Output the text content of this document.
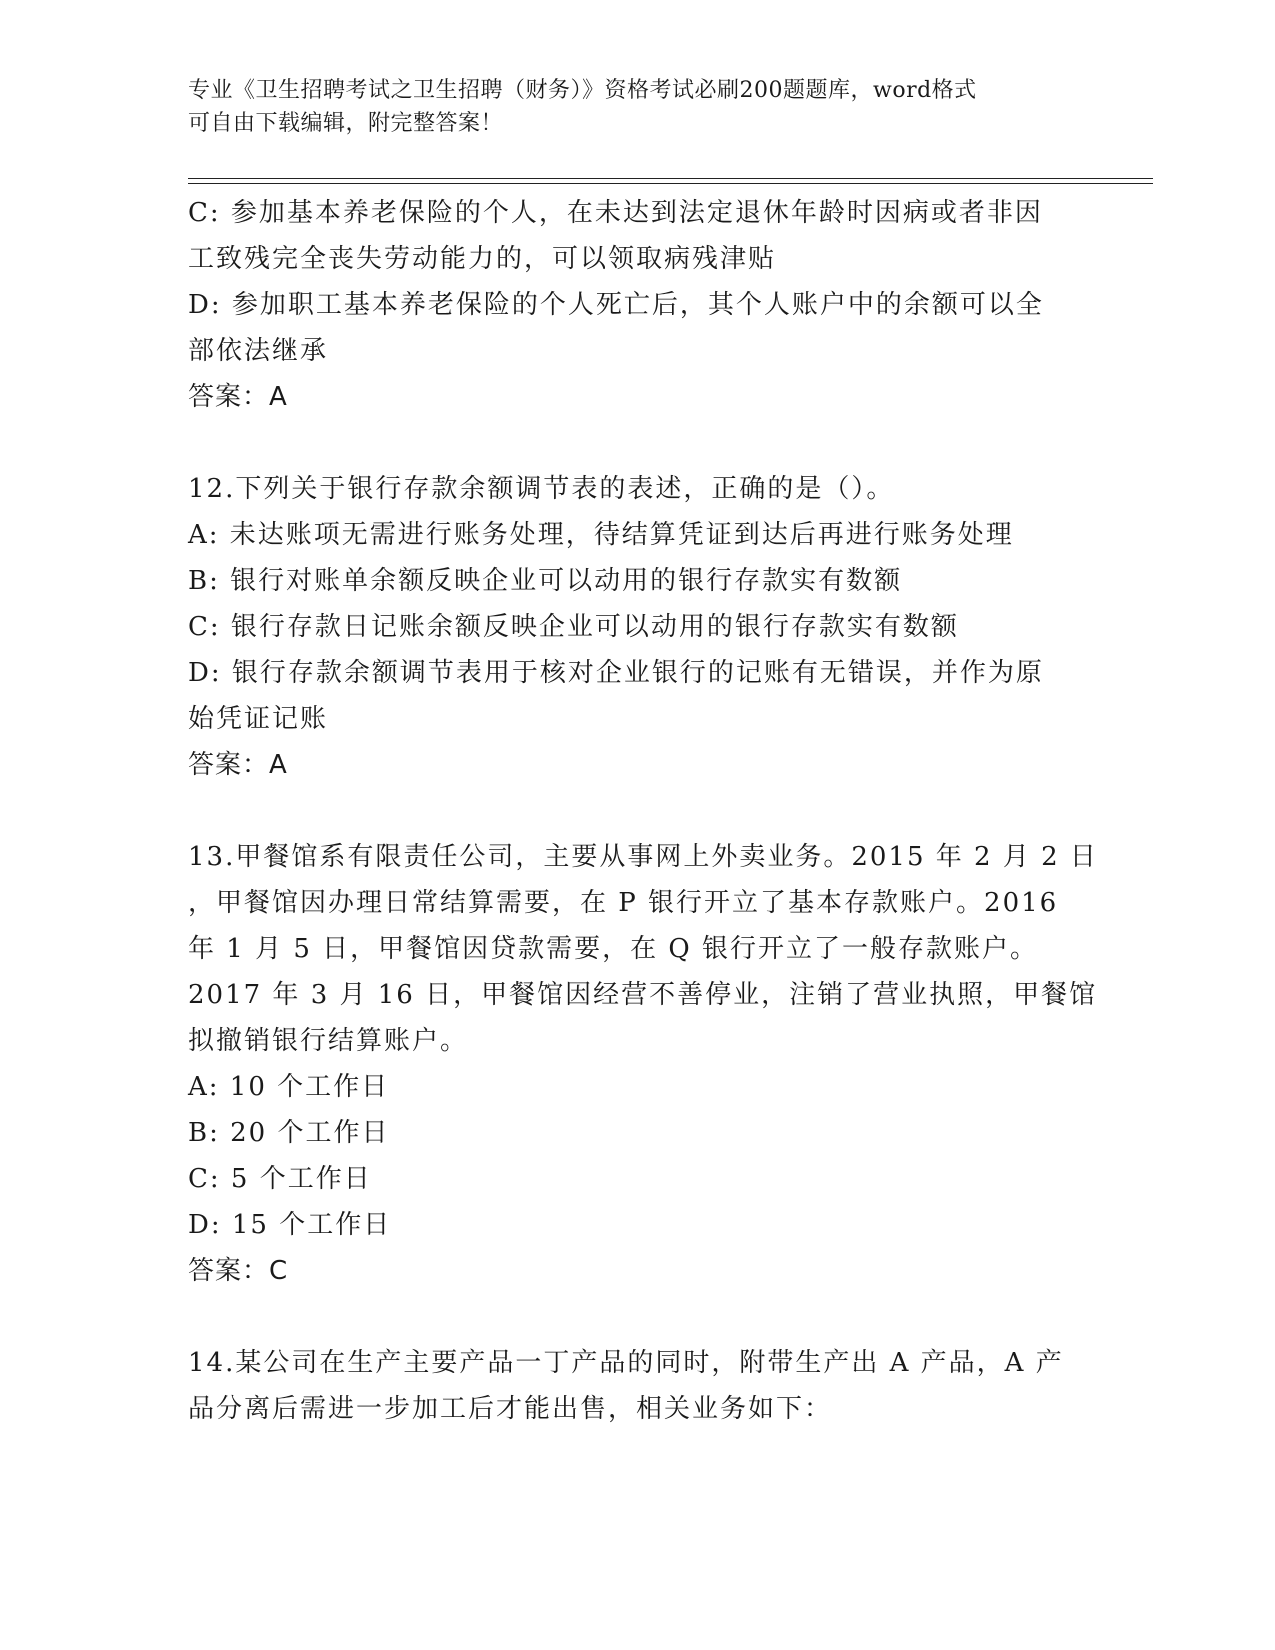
专业《卫生招聘考试之卫生招聘（财务）》资格考试必刷200题题库，word格式
可自由下载编辑，附完整答案！

C: 参加基本养老保险的个人，在未达到法定退休年龄时因病或者非因

工致残完全丧失劳动能力的，可以领取病残津贴

D: 参加职工基本养老保险的个人死亡后，其个人账户中的余额可以全

部依法继承

答案：A

12.下列关于银行存款余额调节表的表述，正确的是（）。

A: 未达账项无需进行账务处理，待结算凭证到达后再进行账务处理

B: 银行对账单余额反映企业可以动用的银行存款实有数额

C: 银行存款日记账余额反映企业可以动用的银行存款实有数额

D: 银行存款余额调节表用于核对企业银行的记账有无错误，并作为原

始凭证记账

答案：A

13.甲餐馆系有限责任公司，主要从事网上外卖业务。2015 年 2 月 2 日

，甲餐馆因办理日常结算需要，在 P 银行开立了基本存款账户。2016

年 1 月 5 日，甲餐馆因贷款需要，在 Q 银行开立了一般存款账户。

2017 年 3 月 16 日，甲餐馆因经营不善停业，注销了营业执照，甲餐馆

拟撤销银行结算账户。

A: 10 个工作日

B: 20 个工作日

C: 5 个工作日

D: 15 个工作日

答案：C

14.某公司在生产主要产品一丁产品的同时，附带生产出 A 产品，A 产

品分离后需进一步加工后才能出售，相关业务如下：
